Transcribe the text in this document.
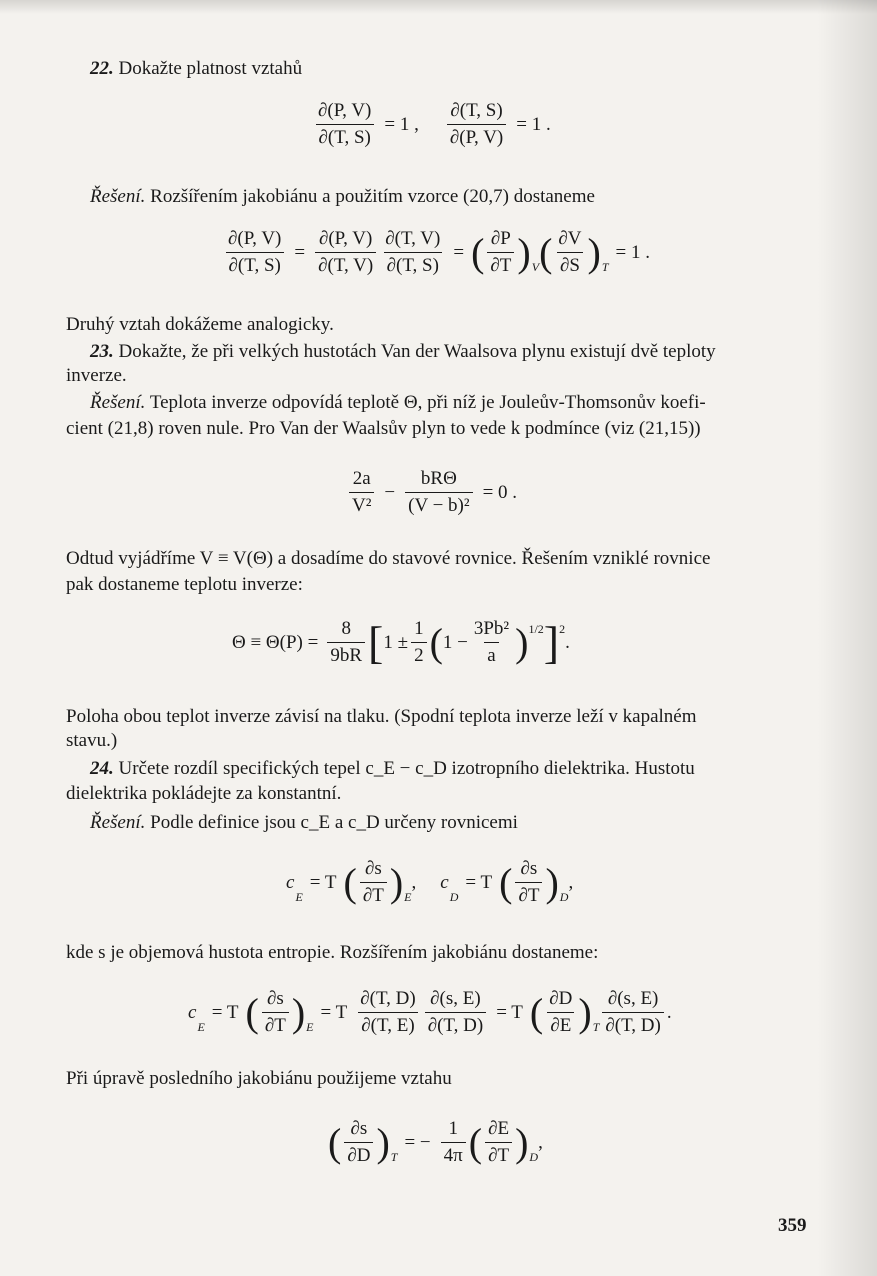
22. Dokažte platnost vztahů
$\frac{\partial(P, V)}{\partial(T, S)} = 1$ , $\frac{\partial(T, S)}{\partial(P, V)} = 1$ .
Řešení. Rozšířením jakobiánu a použitím vzorce (20,7) dostaneme
$\frac{\partial(P, V)}{\partial(T, S)} = \frac{\partial(P, V)}{\partial(T, V)} \frac{\partial(T, V)}{\partial(T, S)}$ = ( $\frac{\partial P}{\partial T}$ ) V ( $\frac{\partial V}{\partial S}$ ) T
= 1 .
Druhý vztah dokážeme analogicky.
23. Dokažte, že při velkých hustotách Van der Waalsova plynu existují dvě teploty
inverze.
Řešení. Teplota inverze odpovídá teplotě Θ, při níž je Jouleův-Thomsonův koefi-
cient (21,8) roven nule. Pro Van der Waalsův plyn to vede k podmínce (viz (21,15))
$\frac{2a}{\text{V²}} - \frac{\text{bRΘ}}{\text{(V − b)²}} = 0$ .
Odtud vyjádříme V ≡ V(Θ) a dosadíme do stavové rovnice. Řešením vzniklé rovnice
pak dostaneme teplotu inverze:
$\Theta \equiv \Theta(P) = \frac{8}{9bR}$ [ $1 \pm \frac{1}{2}$ ( $1 - \frac{\text{3Pb²}}{a}$ ) 1/2 ] 2
.
Poloha obou teplot inverze závisí na tlaku. (Spodní teplota inverze leží v kapalném
stavu.)
24. Určete rozdíl specifických tepel c_E − c_D izotropního dielektrika. Hustotu
dielektrika pokládejte za konstantní.
Řešení. Podle definice jsou c_E a c_D určeny rovnicemi
c
E
= T ( $\frac{\partial s}{\partial T}$ ) E
, c
D
= T ( $\frac{\partial s}{\partial T}$ ) D
,
kde s je objemová hustota entropie. Rozšířením jakobiánu dostaneme:
c
E
= T ( $\frac{\partial s}{\partial T}$ ) E
= T $\frac{\partial(T, D)}{\partial(T, E)} \frac{\partial(s, E)}{\partial(T, D)} = T$ ( $\frac{\partial D}{\partial E}$ ) T $\frac{\partial(s, E)}{\partial(T, D)}$ .
Při úpravě posledního jakobiánu použijeme vztahu
( $\frac{\partial s}{\partial D}$ ) T
= − $\frac{1}{4\pi}$ ( $\frac{\partial E}{\partial T}$ ) D
,
359
